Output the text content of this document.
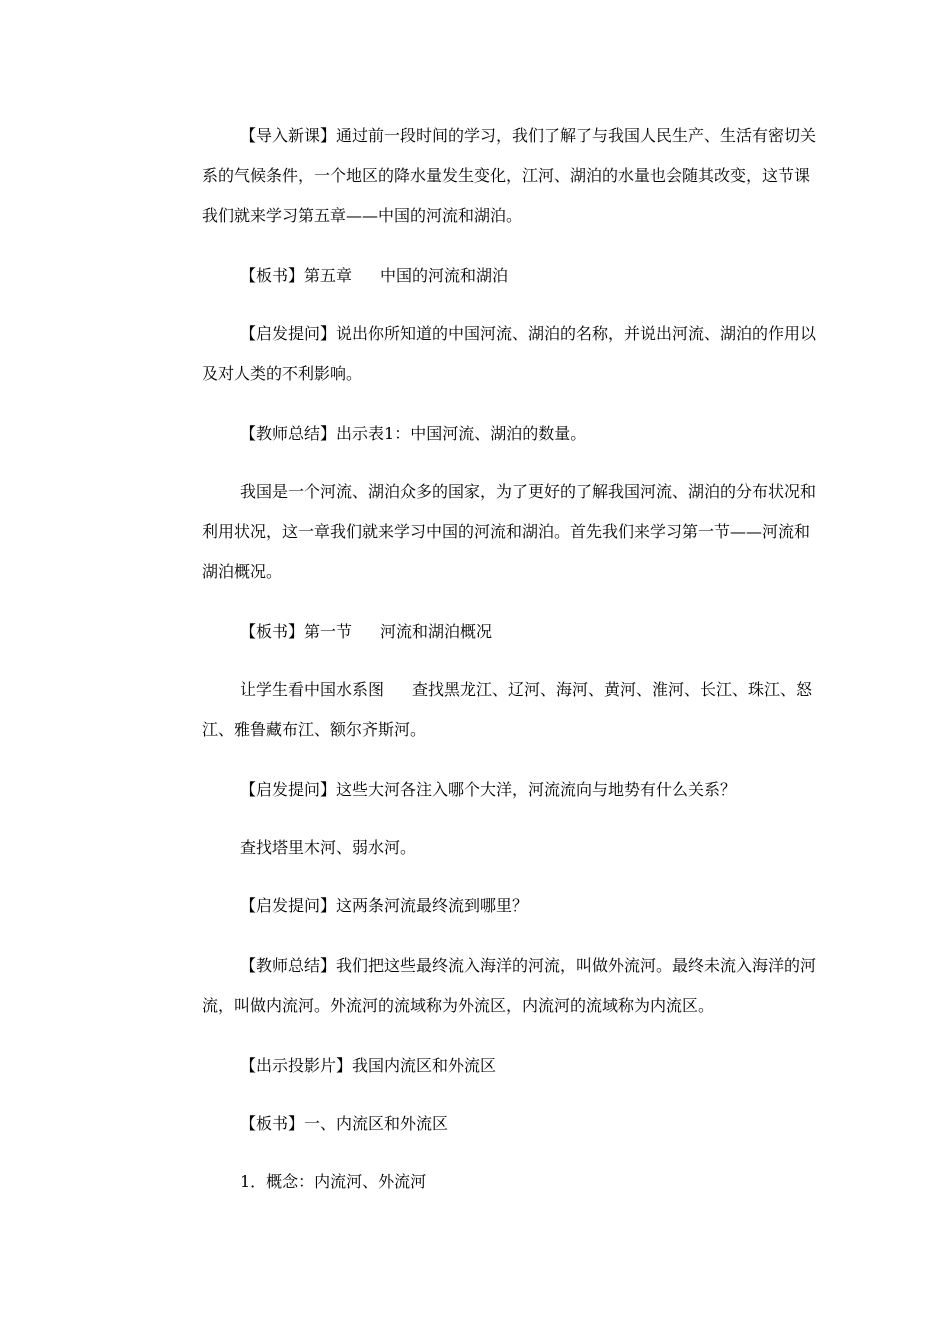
【导入新课】通过前一段时间的学习，我们了解了与我国人民生产、生活有密切关系的气候条件，一个地区的降水量发生变化，江河、湖泊的水量也会随其改变，这节课我们就来学习第五章——中国的河流和湖泊。

【板书】第五章 中国的河流和湖泊

【启发提问】说出你所知道的中国河流、湖泊的名称，并说出河流、湖泊的作用以及对人类的不利影响。

【教师总结】出示表1：中国河流、湖泊的数量。

我国是一个河流、湖泊众多的国家，为了更好的了解我国河流、湖泊的分布状况和利用状况，这一章我们就来学习中国的河流和湖泊。首先我们来学习第一节——河流和湖泊概况。

【板书】第一节 河流和湖泊概况

让学生看中国水系图 查找黑龙江、辽河、海河、黄河、淮河、长江、珠江、怒江、雅鲁藏布江、额尔齐斯河。

【启发提问】这些大河各注入哪个大洋，河流流向与地势有什么关系？

查找塔里木河、弱水河。

【启发提问】这两条河流最终流到哪里？

【教师总结】我们把这些最终流入海洋的河流，叫做外流河。最终未流入海洋的河流，叫做内流河。外流河的流域称为外流区，内流河的流域称为内流区。

【出示投影片】我国内流区和外流区

【板书】一、内流区和外流区

1．概念：内流河、外流河
